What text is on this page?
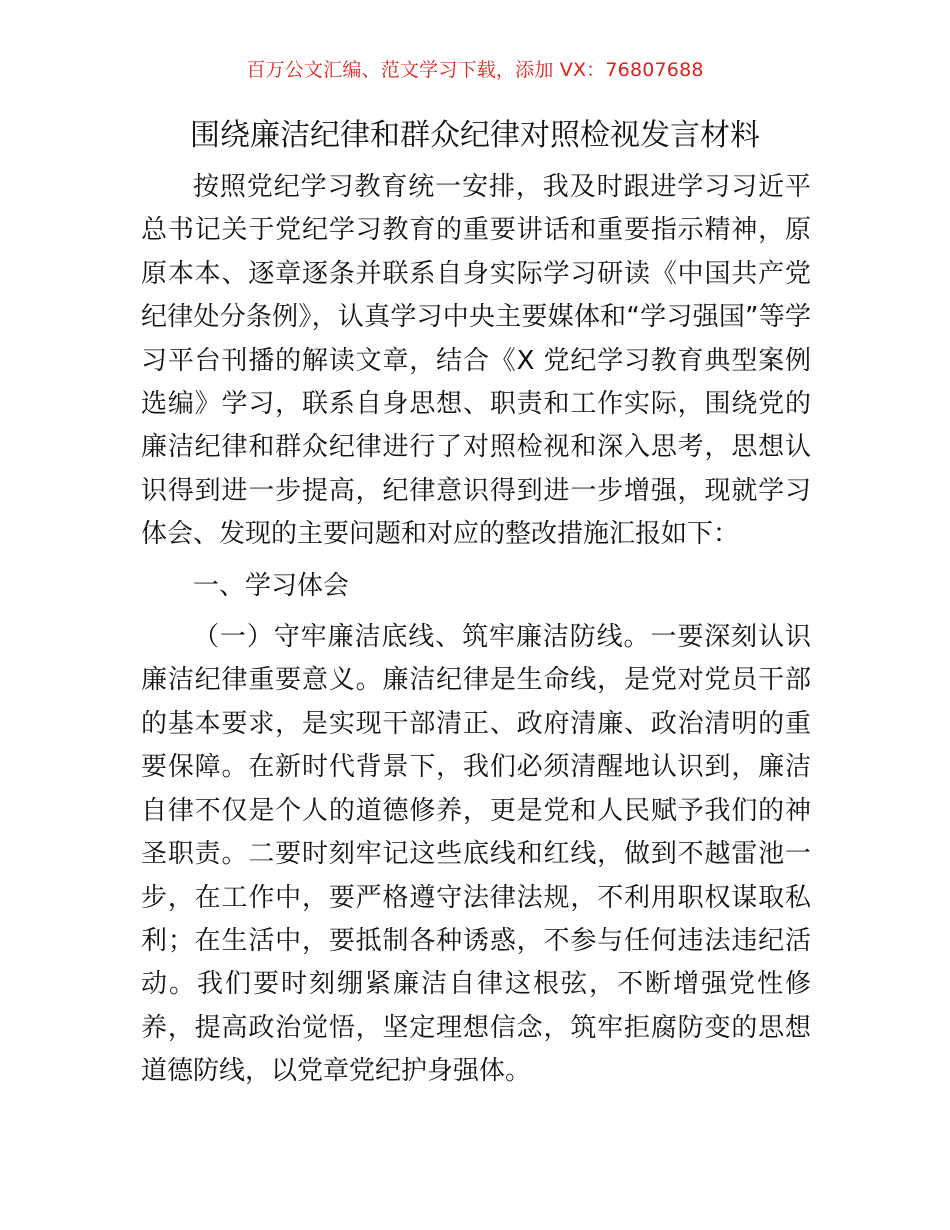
百万公文汇编、范文学习下载，添加 VX：76807688
围绕廉洁纪律和群众纪律对照检视发言材料

按照党纪学习教育统一安排，我及时跟进学习习近平总书记关于党纪学习教育的重要讲话和重要指示精神，原原本本、逐章逐条并联系自身实际学习研读《中国共产党纪律处分条例》，认真学习中央主要媒体和“学习强国”等学习平台刊播的解读文章，结合《X 党纪学习教育典型案例选编》学习，联系自身思想、职责和工作实际，围绕党的廉洁纪律和群众纪律进行了对照检视和深入思考，思想认识得到进一步提高，纪律意识得到进一步增强，现就学习体会、发现的主要问题和对应的整改措施汇报如下：

一、学习体会

（一）守牢廉洁底线、筑牢廉洁防线。一要深刻认识廉洁纪律重要意义。廉洁纪律是生命线，是党对党员干部的基本要求，是实现干部清正、政府清廉、政治清明的重要保障。在新时代背景下，我们必须清醒地认识到，廉洁自律不仅是个人的道德修养，更是党和人民赋予我们的神圣职责。二要时刻牢记这些底线和红线，做到不越雷池一步，在工作中，要严格遵守法律法规，不利用职权谋取私利；在生活中，要抵制各种诱惑，不参与任何违法违纪活动。我们要时刻绷紧廉洁自律这根弦，不断增强党性修养，提高政治觉悟，坚定理想信念，筑牢拒腐防变的思想道德防线，以党章党纪护身强体。
